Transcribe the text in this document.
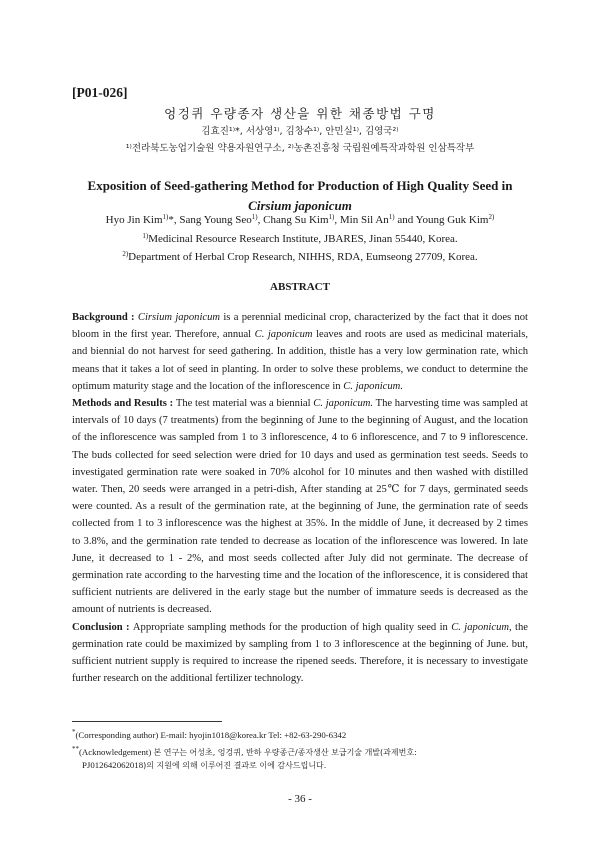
[P01-026]
엉겅퀴 우량종자 생산을 위한 채종방법 구명
김효진¹⁾*, 서상영¹⁾, 김창수¹⁾, 안민실¹⁾, 김영국²⁾
¹⁾전라북도농업기술원 약용자원연구소, ²⁾농촌진흥청 국립원예특작과학원 인삼특작부
Exposition of Seed-gathering Method for Production of High Quality Seed in
Cirsium japonicum
Hyo Jin Kim$^{1)}$*, Sang Young Seo$^{1)}$, Chang Su Kim$^{1)}$, Min Sil An$^{1)}$ and Young Guk Kim$^{2)}$
$^{1)}$Medicinal Resource Research Institute, JBARES, Jinan 55440, Korea.
$^{2)}$Department of Herbal Crop Research, NIHHS, RDA, Eumseong 27709, Korea.
ABSTRACT

Background : Cirsium japonicum is a perennial medicinal crop, characterized by the fact that it does not bloom in the first year. Therefore, annual C. japonicum leaves and roots are used as medicinal materials, and biennial do not harvest for seed gathering. In addition, thistle has a very low germination rate, which means that it takes a lot of seed in planting. In order to solve these problems, we conduct to determine the optimum maturity stage and the location of the inflorescence in C. japonicum.

Methods and Results : The test material was a biennial C. japonicum. The harvesting time was sampled at intervals of 10 days (7 treatments) from the beginning of June to the beginning of August, and the location of the inflorescence was sampled from 1 to 3 inflorescence, 4 to 6 inflorescence, and 7 to 9 inflorescence. The buds collected for seed selection were dried for 10 days and used as germination test seeds. Seeds to investigated germination rate were soaked in 70% alcohol for 10 minutes and then washed with distilled water. Then, 20 seeds were arranged in a petri-dish, After standing at 25℃ for 7 days, germinated seeds were counted. As a result of the germination rate, at the beginning of June, the germination rate of seeds collected from 1 to 3 inflorescence was the highest at 35%. In the middle of June, it decreased by 2 times to 3.8%, and the germination rate tended to decrease as location of the inflorescence was lowered. In late June, it decreased to 1 - 2%, and most seeds collected after July did not germinate. The decrease of germination rate according to the harvesting time and the location of the inflorescence, it is considered that sufficient nutrients are delivered in the early stage but the number of immature seeds is decreased as the amount of nutrients is decreased.

Conclusion : Appropriate sampling methods for the production of high quality seed in C. japonicum, the germination rate could be maximized by sampling from 1 to 3 inflorescence at the beginning of June. but, sufficient nutrient supply is required to increase the ripened seeds. Therefore, it is necessary to investigate further research on the additional fertilizer technology.

*(Corresponding author) E-mail: hyojin1018@korea.kr Tel: +82-63-290-6342

**(Acknowledgement) 본 연구는 어성초, 엉겅퀴, 반하 우량종근/종자생산 보급기술 개발(과제번호:

PJ012642062018)의 지원에 의해 이루어진 결과로 이에 감사드립니다.

- 36 -
